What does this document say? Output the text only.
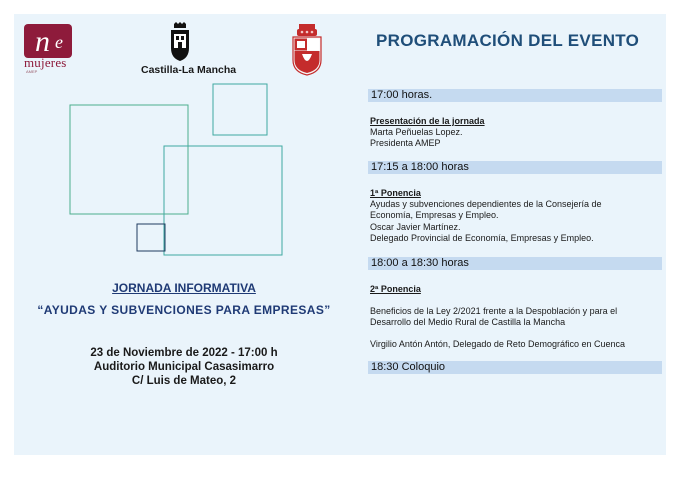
n e
mujeres
AMEP	Castilla-La Mancha
PROGRAMACIÓN DEL EVENTO
JORNADA INFORMATIVA
“AYUDAS Y SUBVENCIONES PARA EMPRESAS”
23 de Noviembre de 2022 - 17:00 h
Auditorio Municipal Casasimarro
C/ Luis de Mateo, 2
17:00 horas.
Presentación de la jornada
Marta Peñuelas Lopez.
Presidenta AMEP
17:15 a 18:00 horas
1ª Ponencia
Ayudas y subvenciones dependientes de la Consejería de
Economía, Empresas y Empleo.
Oscar Javier Martínez.
Delegado Provincial de Economía, Empresas y Empleo.
18:00 a 18:30 horas
2ª Ponencia
Beneficios de la Ley 2/2021 frente a la Despoblación y para el
Desarrollo del Medio Rural de Castilla la Mancha
Virgilio Antón Antón, Delegado de Reto Demográfico en Cuenca
18:30 Coloquio
